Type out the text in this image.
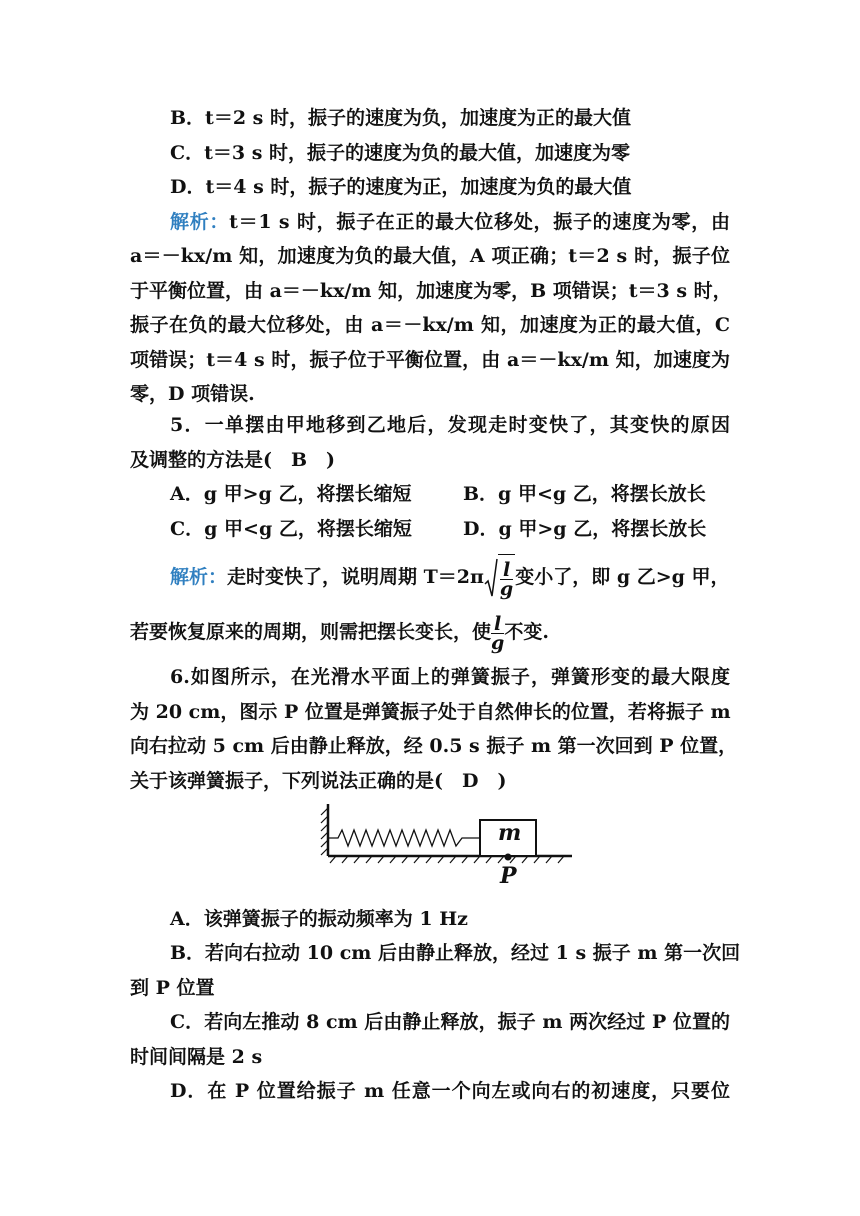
B．t＝2 s 时，振子的速度为负，加速度为正的最大值
C．t＝3 s 时，振子的速度为负的最大值，加速度为零
D．t＝4 s 时，振子的速度为正，加速度为负的最大值
解析：t＝1 s 时，振子在正的最大位移处，振子的速度为零，由
a＝－kx/m 知，加速度为负的最大值，A 项正确；t＝2 s 时，振子位
于平衡位置，由 a＝－kx/m 知，加速度为零，B 项错误；t＝3 s 时，
振子在负的最大位移处，由 a＝－kx/m 知，加速度为正的最大值，C
项错误；t＝4 s 时，振子位于平衡位置，由 a＝－kx/m 知，加速度为
零，D 项错误.
5．一单摆由甲地移到乙地后，发现走时变快了，其变快的原因
及调整的方法是(　B　)
A．g 甲>g 乙，将摆长缩短	B．g 甲<g 乙，将摆长放长
C．g 甲<g 乙，将摆长缩短	D．g 甲>g 乙，将摆长放长
解析：走时变快了，说明周期 $T=2\pi \frac{l}{g}$ 变小了，即 g 乙>g 甲，
若要恢复原来的周期，则需把摆长变长，使 $\frac{l}{g}$ 不变.
6.如图所示，在光滑水平面上的弹簧振子，弹簧形变的最大限度
为 20 cm，图示 P 位置是弹簧振子处于自然伸长的位置，若将振子 m
向右拉动 5 cm 后由静止释放，经 0.5 s 振子 m 第一次回到 P 位置，
关于该弹簧振子，下列说法正确的是(　D　)
m
P
A．该弹簧振子的振动频率为 1 Hz
B．若向右拉动 10 cm 后由静止释放，经过 1 s 振子 m 第一次回
到 P 位置
C．若向左推动 8 cm 后由静止释放，振子 m 两次经过 P 位置的
时间间隔是 2 s
D．在 P 位置给振子 m 任意一个向左或向右的初速度，只要位
